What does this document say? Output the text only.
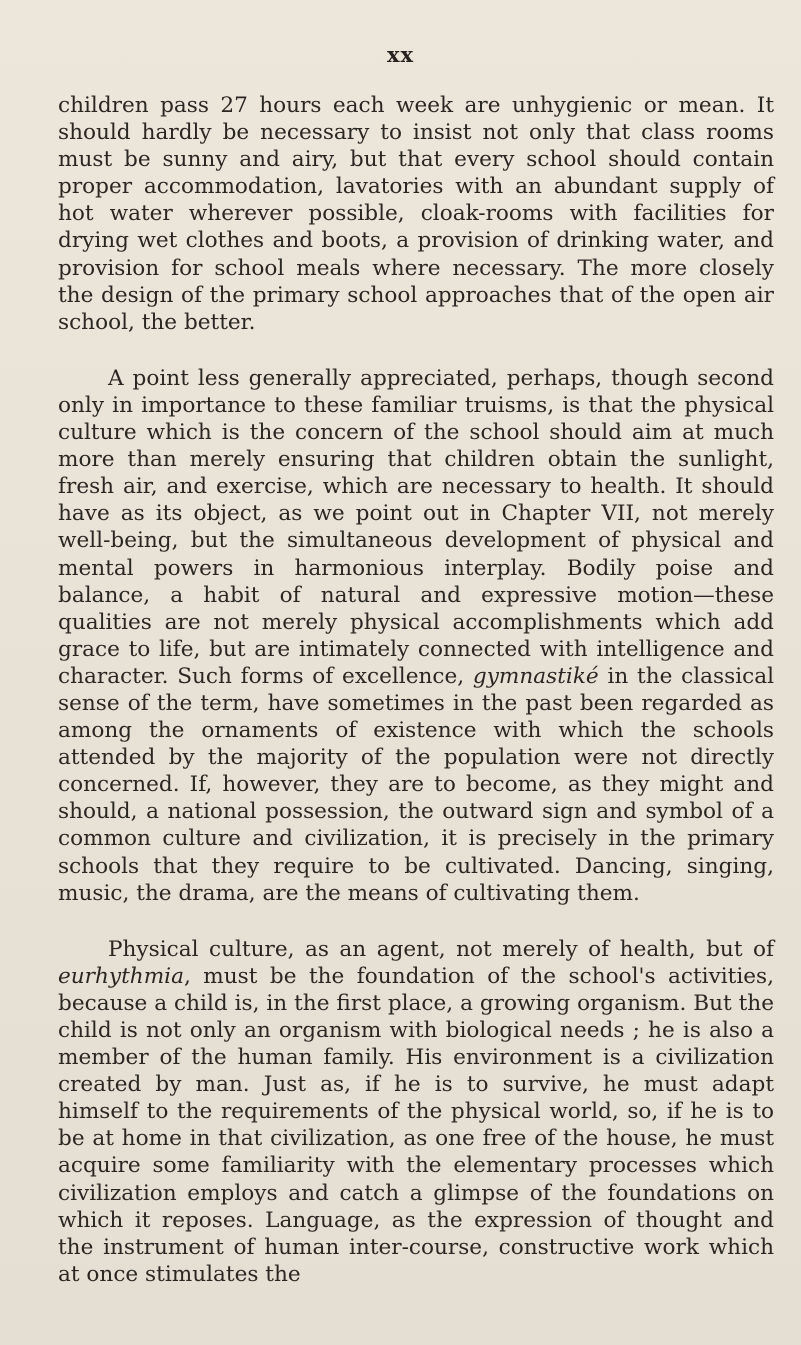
xx

children pass 27 hours each week are unhygienic or mean. It should hardly be necessary to insist not only that class rooms must be sunny and airy, but that every school should contain proper accommodation, lavatories with an abundant supply of hot water wherever possible, cloak-rooms with facilities for drying wet clothes and boots, a provision of drinking water, and provision for school meals where necessary. The more closely the design of the primary school approaches that of the open air school, the better.

A point less generally appreciated, perhaps, though second only in importance to these familiar truisms, is that the physical culture which is the concern of the school should aim at much more than merely ensuring that children obtain the sunlight, fresh air, and exercise, which are necessary to health. It should have as its object, as we point out in Chapter VII, not merely well-being, but the simultaneous development of physical and mental powers in harmonious interplay. Bodily poise and balance, a habit of natural and expressive motion—these qualities are not merely physical accomplishments which add grace to life, but are intimately connected with intelligence and character. Such forms of excellence, gymnastiké in the classical sense of the term, have sometimes in the past been regarded as among the ornaments of existence with which the schools attended by the majority of the population were not directly concerned. If, however, they are to become, as they might and should, a national possession, the outward sign and symbol of a common culture and civilization, it is precisely in the primary schools that they require to be cultivated. Dancing, singing, music, the drama, are the means of cultivating them.

Physical culture, as an agent, not merely of health, but of eurhythmia, must be the foundation of the school's activities, because a child is, in the first place, a growing organism. But the child is not only an organism with biological needs ; he is also a member of the human family. His environment is a civilization created by man. Just as, if he is to survive, he must adapt himself to the requirements of the physical world, so, if he is to be at home in that civilization, as one free of the house, he must acquire some familiarity with the elementary processes which civilization employs and catch a glimpse of the foundations on which it reposes. Language, as the expression of thought and the instrument of human inter-course, constructive work which at once stimulates the
